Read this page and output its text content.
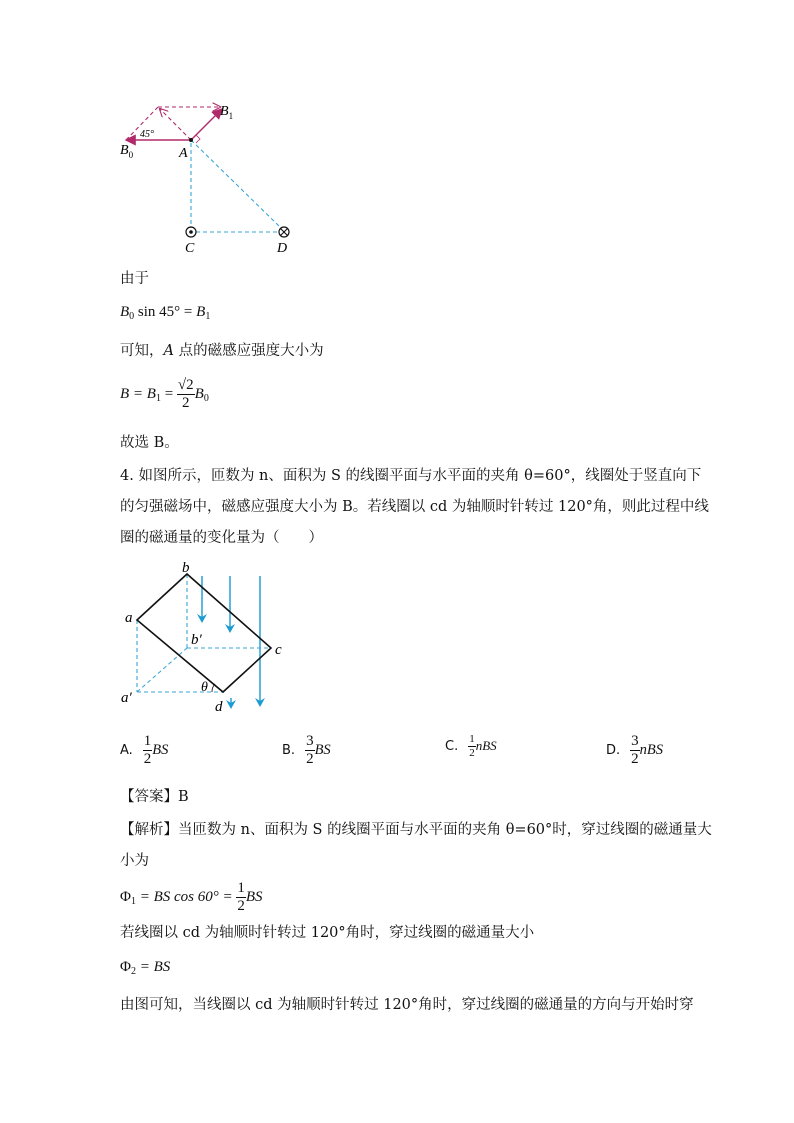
$B_1$
$B_0$	A
45°
C	D
由于
$B_0$ $\sin 45^\circ = B_1$
可知，A 点的磁感应强度大小为
$B = B_1 = \frac{√2}{2} B_0$
故选 B。
4. 如图所示，匝数为 n、面积为 S 的线圈平面与水平面的夹角 θ=60°，线圈处于竖直向下
的匀强磁场中，磁感应强度大小为 B。若线圈以 cd 为轴顺时针转过 120°角，则此过程中线
圈的磁通量的变化量为（　　）
a
b
c
d
a′
b′
θ
A. $\frac{1}{2}$ BS	B. $\frac{3}{2}$ BS	C. $\frac{1}{2}$ nBS	D. $\frac{3}{2}$ nBS
【答案】B
【解析】当匝数为 n、面积为 S 的线圈平面与水平面的夹角 θ=60°时，穿过线圈的磁通量大
小为
$\Phi_1$ = BS $\cos 60^\circ = \frac{1}{2}$ BS
若线圈以 cd 为轴顺时针转过 120°角时，穿过线圈的磁通量大小
$\Phi_2$ = BS
由图可知，当线圈以 cd 为轴顺时针转过 120°角时，穿过线圈的磁通量的方向与开始时穿
